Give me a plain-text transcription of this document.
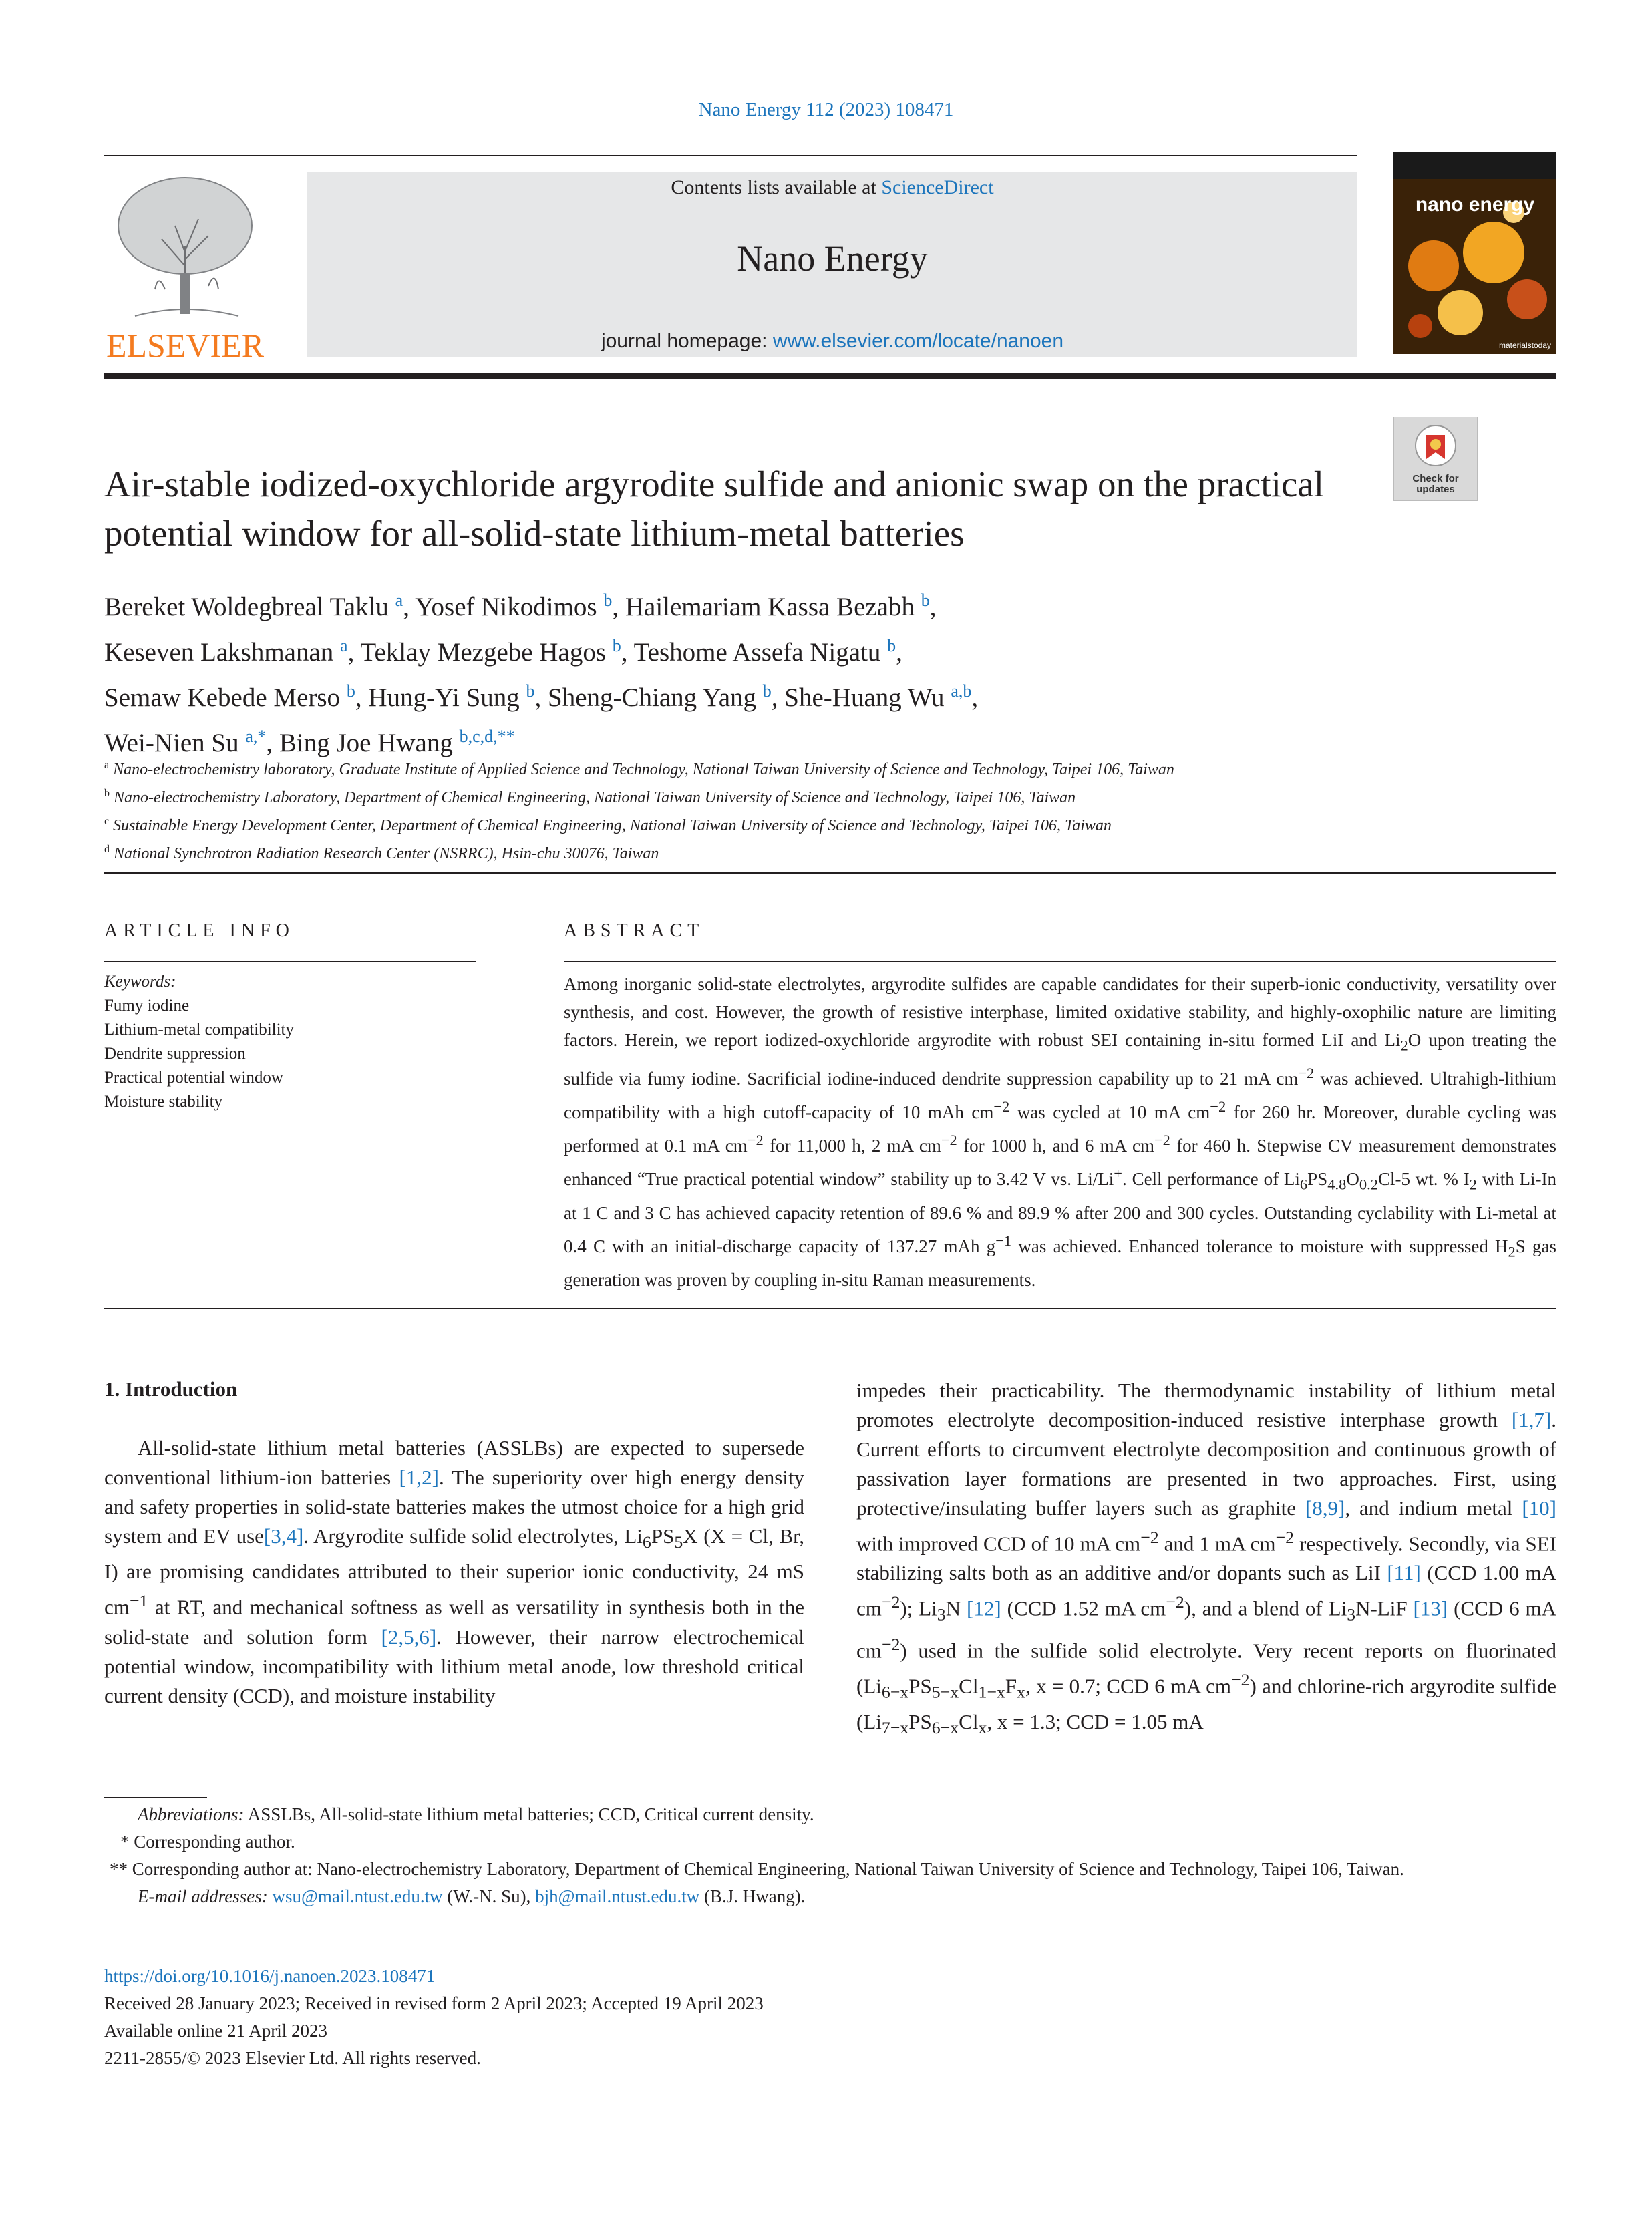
Nano Energy 112 (2023) 108471
ELSEVIER
Contents lists available at ScienceDirect
Nano Energy
journal homepage: www.elsevier.com/locate/nanoen
nano energy
materialstoday
Check for updates
Air-stable iodized-oxychloride argyrodite sulfide and anionic swap on the practical potential window for all-solid-state lithium-metal batteries
Bereket Woldegbreal Taklu $^a$, Yosef Nikodimos $^b$, Hailemariam Kassa Bezabh $^b$,
Keseven Lakshmanan $^a$, Teklay Mezgebe Hagos $^b$, Teshome Assefa Nigatu $^b$,
Semaw Kebede Merso $^b$, Hung-Yi Sung $^b$, Sheng-Chiang Yang $^b$, She-Huang Wu $^{a,b}$,
Wei-Nien Su $^{a,*}$, Bing Joe Hwang $^{b,c,d,**}$
$^a$ Nano-electrochemistry laboratory, Graduate Institute of Applied Science and Technology, National Taiwan University of Science and Technology, Taipei 106, Taiwan
$^b$ Nano-electrochemistry Laboratory, Department of Chemical Engineering, National Taiwan University of Science and Technology, Taipei 106, Taiwan
$^c$ Sustainable Energy Development Center, Department of Chemical Engineering, National Taiwan University of Science and Technology, Taipei 106, Taiwan
$^d$ National Synchrotron Radiation Research Center (NSRRC), Hsin-chu 30076, Taiwan
ARTICLE INFO
Keywords:
Fumy iodine
Lithium-metal compatibility
Dendrite suppression
Practical potential window
Moisture stability
ABSTRACT
Among inorganic solid-state electrolytes, argyrodite sulfides are capable candidates for their superb-ionic conductivity, versatility over synthesis, and cost. However, the growth of resistive interphase, limited oxidative stability, and highly-oxophilic nature are limiting factors. Herein, we report iodized-oxychloride argyrodite with robust SEI containing in-situ formed LiI and $Li_2O$ upon treating the sulfide via fumy iodine. Sacrificial iodine-induced dendrite suppression capability up to 21 mA $cm^{-2}$ was achieved. Ultrahigh-lithium compatibility with a high cutoff-capacity of 10 mAh $cm^{-2}$ was cycled at 10 mA $cm^{-2}$ for 260 hr. Moreover, durable cycling was performed at 0.1 mA $cm^{-2}$ for 11,000 h, 2 mA $cm^{-2}$ for 1000 h, and 6 mA $cm^{-2}$ for 460 h. Stepwise CV measurement demonstrates enhanced “True practical potential window” stability up to 3.42 V vs. Li/Li+. Cell performance of $Li_6PS_{4.8}O_{0.2}Cl-5$ wt. % $I_2$ with Li-In at 1 C and 3 C has achieved capacity retention of 89.6 % and 89.9 % after 200 and 300 cycles. Outstanding cyclability with Li-metal at 0.4 C with an initial-discharge capacity of 137.27 mAh $g^{-1}$ was achieved. Enhanced tolerance to moisture with suppressed $H_2S$ gas generation was proven by coupling in-situ Raman measurements.
1. Introduction
All-solid-state lithium metal batteries (ASSLBs) are expected to supersede conventional lithium-ion batteries [1,2]. The superiority over high energy density and safety properties in solid-state batteries makes the utmost choice for a high grid system and EV use[3,4]. Argyrodite sulfide solid electrolytes, $Li_6PS_5X$ (X = Cl, Br, I) are promising candidates attributed to their superior ionic conductivity, 24 mS $cm^{-1}$ at RT, and mechanical softness as well as versatility in synthesis both in the solid-state and solution form [2,5,6]. However, their narrow electrochemical potential window, incompatibility with lithium metal anode, low threshold critical current density (CCD), and moisture instability
impedes their practicability. The thermodynamic instability of lithium metal promotes electrolyte decomposition-induced resistive interphase growth [1,7]. Current efforts to circumvent electrolyte decomposition and continuous growth of passivation layer formations are presented in two approaches. First, using protective/insulating buffer layers such as graphite [8,9], and indium metal [10] with improved CCD of 10 mA $cm^{-2}$ and 1 mA $cm^{-2}$ respectively. Secondly, via SEI stabilizing salts both as an additive and/or dopants such as LiI [11] (CCD 1.00 mA $cm^{-2}$); $Li_3N$ [12] (CCD 1.52 mA $cm^{-2}$), and a blend of $Li_3N$-LiF [13] (CCD 6 mA $cm^{-2}$) used in the sulfide solid electrolyte. Very recent reports on fluorinated ($Li_{6-x}PS_{5-x}Cl_{1-x}F_x$, x = 0.7; CCD 6 mA $cm^{-2}$) and chlorine-rich argyrodite sulfide ($Li_{7-x}PS_{6-x}Cl_x$, x = 1.3; CCD = 1.05 mA
Abbreviations: ASSLBs, All-solid-state lithium metal batteries; CCD, Critical current density.
* Corresponding author.
** Corresponding author at: Nano-electrochemistry Laboratory, Department of Chemical Engineering, National Taiwan University of Science and Technology, Taipei 106, Taiwan.
E-mail addresses: wsu@mail.ntust.edu.tw (W.-N. Su), bjh@mail.ntust.edu.tw (B.J. Hwang).
https://doi.org/10.1016/j.nanoen.2023.108471
Received 28 January 2023; Received in revised form 2 April 2023; Accepted 19 April 2023
Available online 21 April 2023
2211-2855/© 2023 Elsevier Ltd. All rights reserved.
